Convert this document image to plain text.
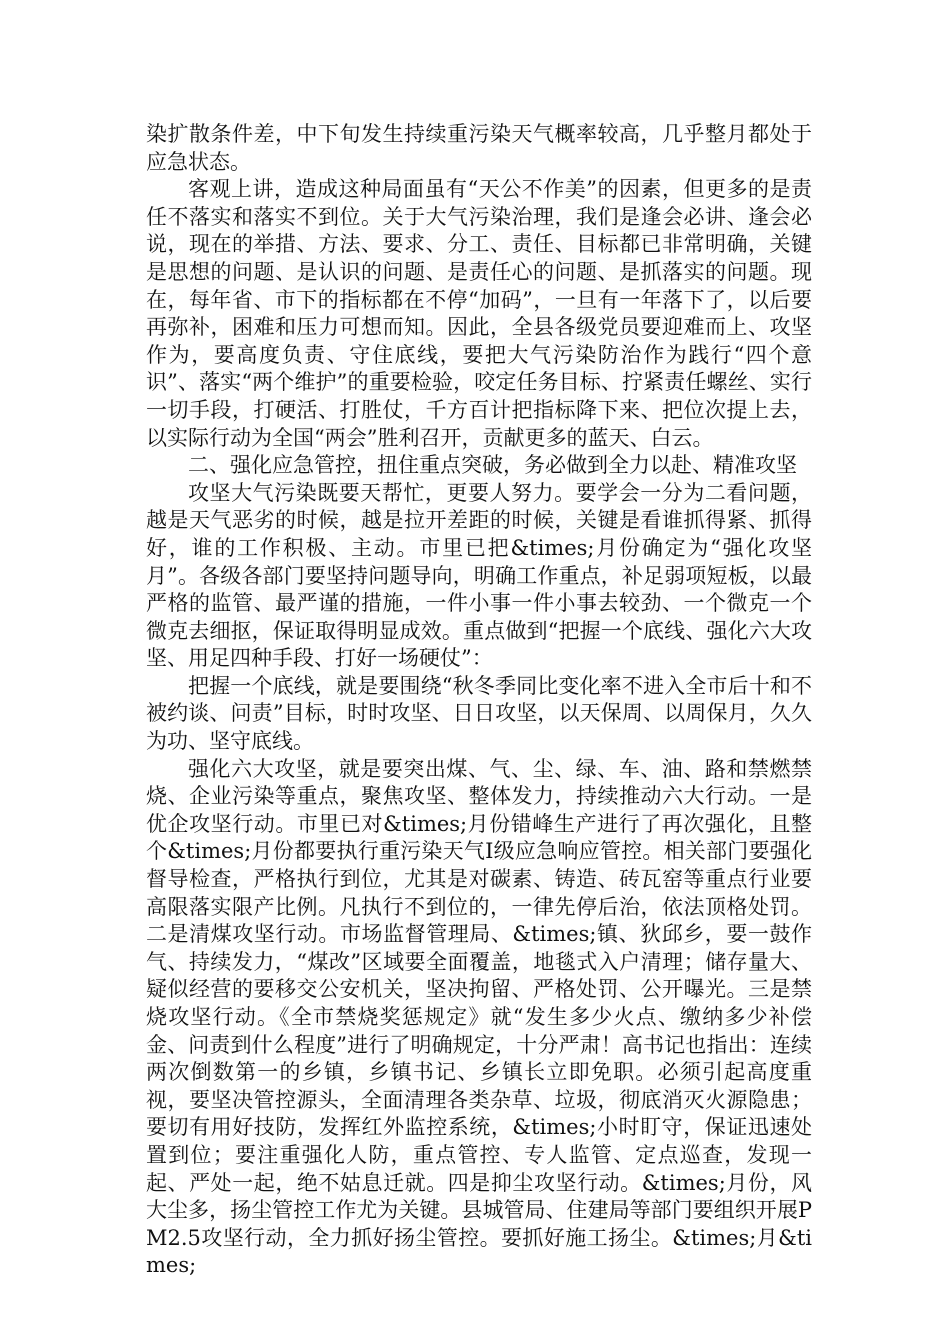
染扩散条件差，中下旬发生持续重污染天气概率较高，几乎整月都处于应急状态。

客观上讲，造成这种局面虽有“天公不作美”的因素，但更多的是责任不落实和落实不到位。关于大气污染治理，我们是逢会必讲、逢会必说，现在的举措、方法、要求、分工、责任、目标都已非常明确，关键是思想的问题、是认识的问题、是责任心的问题、是抓落实的问题。现在，每年省、市下的指标都在不停“加码”，一旦有一年落下了，以后要再弥补，困难和压力可想而知。因此，全县各级党员要迎难而上、攻坚作为，要高度负责、守住底线，要把大气污染防治作为践行“四个意识”、落实“两个维护”的重要检验，咬定任务目标、拧紧责任螺丝、实行一切手段，打硬活、打胜仗，千方百计把指标降下来、把位次提上去，以实际行动为全国“两会”胜利召开，贡献更多的蓝天、白云。

二、强化应急管控，扭住重点突破，务必做到全力以赴、精准攻坚

攻坚大气污染既要天帮忙，更要人努力。要学会一分为二看问题，越是天气恶劣的时候，越是拉开差距的时候，关键是看谁抓得紧、抓得好，谁的工作积极、主动。市里已把&times;月份确定为“强化攻坚月”。各级各部门要坚持问题导向，明确工作重点，补足弱项短板，以最严格的监管、最严谨的措施，一件小事一件小事去较劲、一个微克一个微克去细抠，保证取得明显成效。重点做到“把握一个底线、强化六大攻坚、用足四种手段、打好一场硬仗”：

把握一个底线，就是要围绕“秋冬季同比变化率不进入全市后十和不被约谈、问责”目标，时时攻坚、日日攻坚，以天保周、以周保月，久久为功、坚守底线。

强化六大攻坚，就是要突出煤、气、尘、绿、车、油、路和禁燃禁烧、企业污染等重点，聚焦攻坚、整体发力，持续推动六大行动。一是优企攻坚行动。市里已对&times;月份错峰生产进行了再次强化，且整个&times;月份都要执行重污染天气Ⅰ级应急响应管控。相关部门要强化督导检查，严格执行到位，尤其是对碳素、铸造、砖瓦窑等重点行业要高限落实限产比例。凡执行不到位的，一律先停后治，依法顶格处罚。二是清煤攻坚行动。市场监督管理局、&times;镇、狄邱乡，要一鼓作气、持续发力，“煤改”区域要全面覆盖，地毯式入户清理；储存量大、疑似经营的要移交公安机关，坚决拘留、严格处罚、公开曝光。三是禁烧攻坚行动。《全市禁烧奖惩规定》就“发生多少火点、缴纳多少补偿金、问责到什么程度”进行了明确规定，十分严肃！高书记也指出：连续两次倒数第一的乡镇，乡镇书记、乡镇长立即免职。必须引起高度重视，要坚决管控源头，全面清理各类杂草、垃圾，彻底消灭火源隐患；要切有用好技防，发挥红外监控系统，&times;小时盯守，保证迅速处置到位；要注重强化人防，重点管控、专人监管、定点巡查，发现一起、严处一起，绝不姑息迁就。四是抑尘攻坚行动。&times;月份，风大尘多，扬尘管控工作尤为关键。县城管局、住建局等部门要组织开展PM2.5攻坚行动，全力抓好扬尘管控。要抓好施工扬尘。&times;月&times;
